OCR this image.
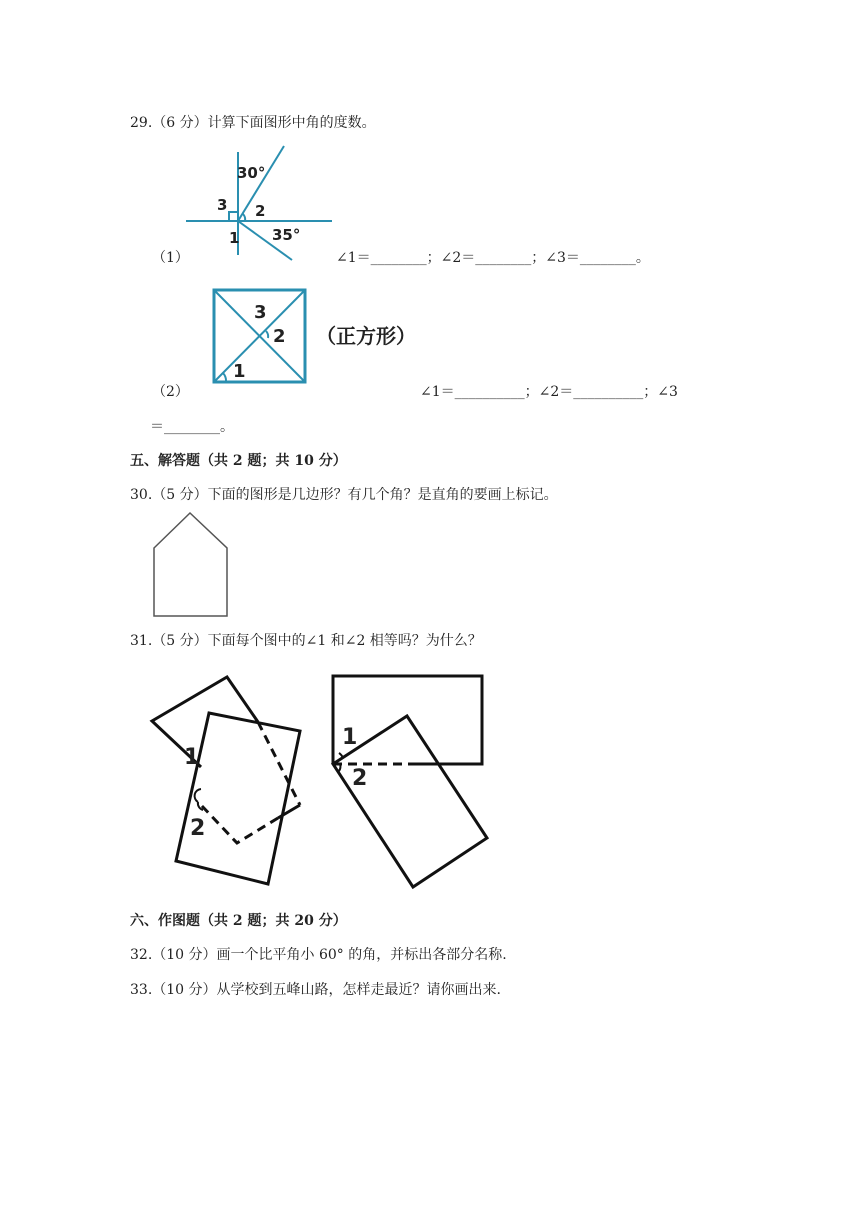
29.（6 分）计算下面图形中角的度数。
30°
35°
3 2
1
（1）	∠1＝________；∠2＝________；∠3＝________。
3
2
1
（正方形）
（2）	∠1＝__________；∠2＝__________；∠3
＝________。
五、解答题（共 2 题；共 10 分）
30.（5 分）下面的图形是几边形？有几个角？是直角的要画上标记。
31.（5 分）下面每个图中的∠1 和∠2 相等吗？为什么？
1
2
1
2
六、作图题（共 2 题；共 20 分）
32.（10 分）画一个比平角小 60° 的角，并标出各部分名称.
33.（10 分）从学校到五峰山路，怎样走最近？请你画出来.
